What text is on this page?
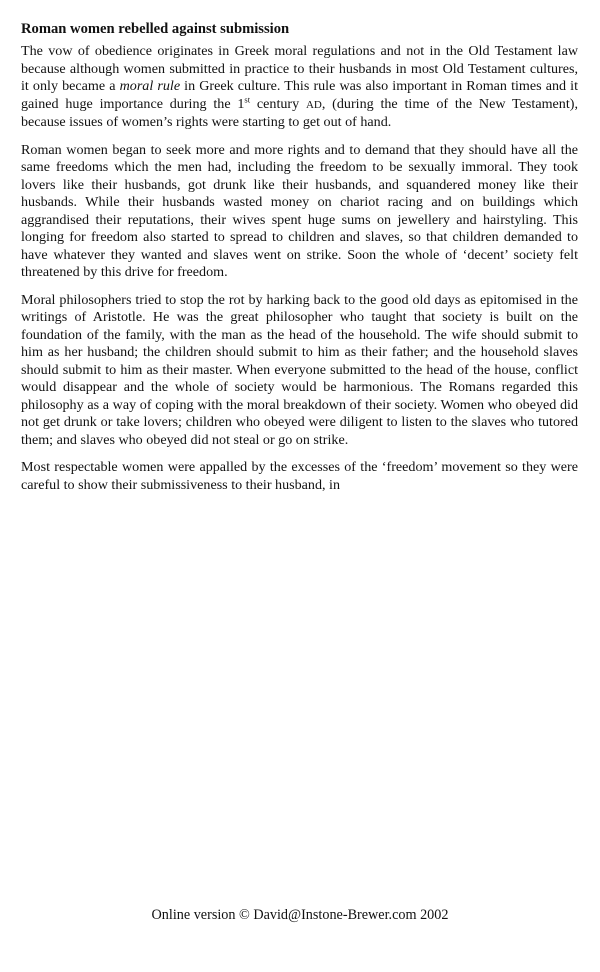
Roman women rebelled against submission

The vow of obedience originates in Greek moral regulations and not in the Old Testament law because although women submitted in practice to their husbands in most Old Testament cultures, it only became a moral rule in Greek culture. This rule was also important in Roman times and it gained huge importance during the 1st century AD, (during the time of the New Testament), because issues of women’s rights were starting to get out of hand.

Roman women began to seek more and more rights and to demand that they should have all the same freedoms which the men had, including the freedom to be sexually immoral. They took lovers like their husbands, got drunk like their husbands, and squandered money like their husbands. While their husbands wasted money on chariot racing and on buildings which aggrandised their reputations, their wives spent huge sums on jewellery and hairstyling. This longing for freedom also started to spread to children and slaves, so that children demanded to have whatever they wanted and slaves went on strike. Soon the whole of ‘decent’ society felt threatened by this drive for freedom.

Moral philosophers tried to stop the rot by harking back to the good old days as epitomised in the writings of Aristotle. He was the great philosopher who taught that society is built on the foundation of the family, with the man as the head of the household. The wife should submit to him as her husband; the children should submit to him as their father; and the household slaves should submit to him as their master. When everyone submitted to the head of the house, conflict would disappear and the whole of society would be harmonious. The Romans regarded this philosophy as a way of coping with the moral breakdown of their society. Women who obeyed did not get drunk or take lovers; children who obeyed were diligent to listen to the slaves who tutored them; and slaves who obeyed did not steal or go on strike.

Most respectable women were appalled by the excesses of the ‘freedom’ movement so they were careful to show their submissiveness to their husband, in

Online version © David@Instone-Brewer.com 2002
